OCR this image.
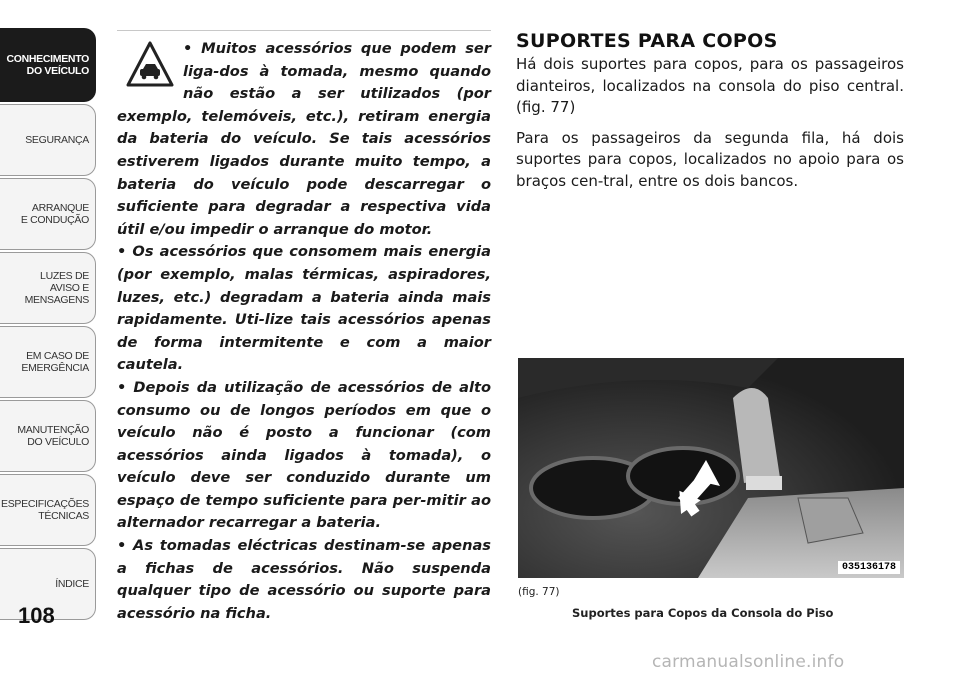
CONHECIMENTO
DO VEÍCULO
SEGURANÇA
ARRANQUE
E CONDUÇÃO
LUZES DE
AVISO E
MENSAGENS
EM CASO DE
EMERGÊNCIA
MANUTENÇÃO
DO VEÍCULO
ESPECIFICAÇÕES
TÉCNICAS
ÍNDICE
108

• Muitos acessórios que podem ser liga-dos à tomada, mesmo quando não estão a ser utilizados (por exemplo, telemóveis, etc.), retiram energia da bateria do veículo. Se tais acessórios estiverem ligados durante muito tempo, a bateria do veículo pode descarregar o suficiente para degradar a respectiva vida útil e/ou impedir o arranque do motor.

• Os acessórios que consomem mais energia (por exemplo, malas térmicas, aspiradores, luzes, etc.) degradam a bateria ainda mais rapidamente. Uti-lize tais acessórios apenas de forma intermitente e com a maior cautela.

• Depois da utilização de acessórios de alto consumo ou de longos períodos em que o veículo não é posto a funcionar (com acessórios ainda ligados à tomada), o veículo deve ser conduzido durante um espaço de tempo suficiente para per-mitir ao alternador recarregar a bateria.

• As tomadas eléctricas destinam-se apenas a fichas de acessórios. Não suspenda qualquer tipo de acessório ou suporte para acessório na ficha.

SUPORTES PARA COPOS

Há dois suportes para copos, para os passageiros dianteiros, localizados na consola do piso central. (fig. 77)

Para os passageiros da segunda fila, há dois suportes para copos, localizados no apoio para os braços cen-tral, entre os dois bancos.

035136178
(fig. 77)
Suportes para Copos da Consola do Piso
carmanualsonline.info
